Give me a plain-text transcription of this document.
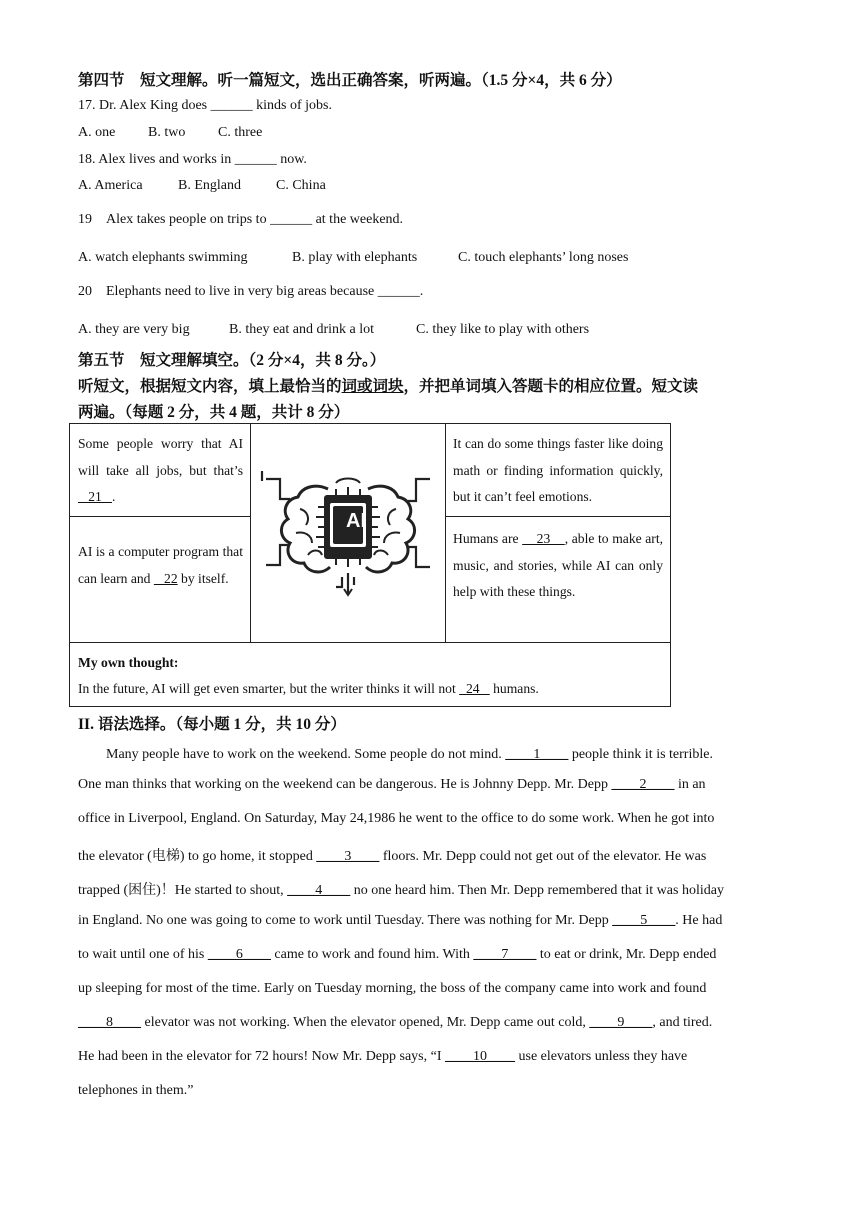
第四节　短文理解。听一篇短文，选出正确答案，听两遍。（1.5 分×4，共 6 分）
17. Dr. Alex King does ______ kinds of jobs.
A. one B. two C. three
18. Alex lives and works in ______ now.
A. America	B. England	C. China
19　Alex takes people on trips to ______ at the weekend.
A. watch elephants swimming	B. play with elephants	C. touch elephants’ long noses
20　Elephants need to live in very big areas because ______.
A. they are very big	B. they eat and drink a lot	C. they like to play with others
第五节　短文理解填空。（2 分×4，共 8 分。）
听短文，根据短文内容，填上最恰当的词或词块，并把单词填入答题卡的相应位置。短文读
两遍。（每题 2 分，共 4 题，共计 8 分）
Some people worry that AI will take all jobs, but that’s    21   .
AI is a computer program that can learn and    22 by itself.
It can do some things faster like doing math or finding information quickly, but it can’t feel emotions.
Humans are     23    , able to make art, music, and stories, while AI can only help with these things.
AI
My own thought:
In the future, AI will get even smarter, but the writer thinks it will not   24    humans.
II. 语法选择。（每小题 1 分，共 10 分）
　　Many people have to work on the weekend. Some people do not mind. ____1____ people think it is terrible.
One man thinks that working on the weekend can be dangerous. He is Johnny Depp. Mr. Depp ____2____ in an
office in Liverpool, England. On Saturday, May 24,1986 he went to the office to do some work. When he got into
the elevator (电梯) to go home, it stopped ____3____ floors. Mr. Depp could not get out of the elevator. He was
trapped (困住)！He started to shout, ____4____ no one heard him. Then Mr. Depp remembered that it was holiday
in England. No one was going to come to work until Tuesday. There was nothing for Mr. Depp ____5____. He had
to wait until one of his ____6____ came to work and found him. With ____7____ to eat or drink, Mr. Depp ended
up sleeping for most of the time. Early on Tuesday morning, the boss of the company came into work and found
____8____ elevator was not working. When the elevator opened, Mr. Depp came out cold, ____9____, and tired.
He had been in the elevator for 72 hours! Now Mr. Depp says, “I ____10____ use elevators unless they have
telephones in them.”
